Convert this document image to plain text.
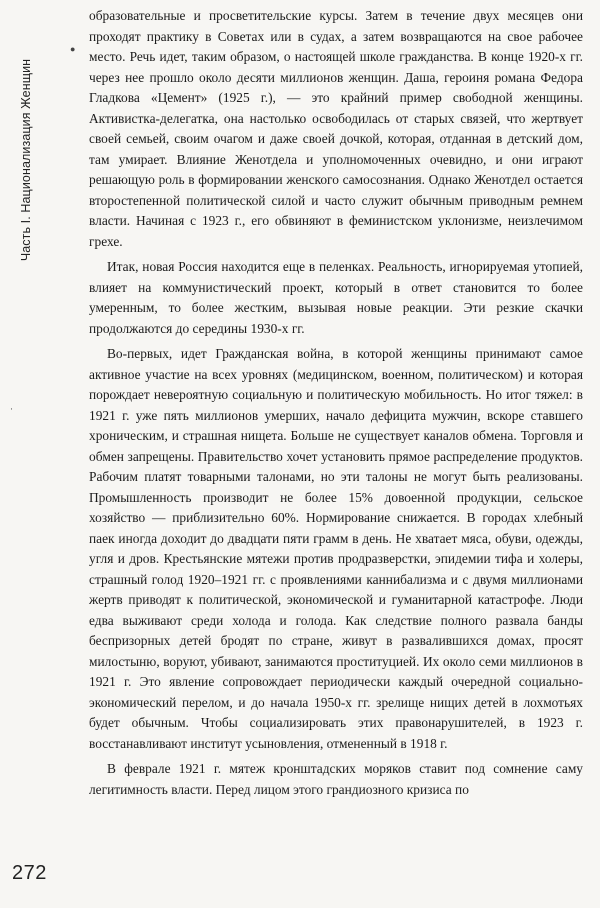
Часть I. Национализация Женщин
●
·

образовательные и просветительские курсы. Затем в течение двух месяцев они проходят практику в Советах или в судах, а затем возвращаются на свое рабочее место. Речь идет, таким образом, о настоящей школе гражданства. В конце 1920-х гг. через нее прошло около десяти миллионов женщин. Даша, героиня романа Федора Гладкова «Цемент» (1925 г.), — это крайний пример свободной женщины. Активистка-делегатка, она настолько освободилась от старых связей, что жертвует своей семьей, своим очагом и даже своей дочкой, которая, отданная в детский дом, там умирает. Влияние Женотдела и уполномоченных очевидно, и они играют решающую роль в формировании женского самосознания. Однако Женотдел остается второстепенной политической силой и часто служит обычным приводным ремнем власти. Начиная с 1923 г., его обвиняют в феминистском уклонизме, неизлечимом грехе.

Итак, новая Россия находится еще в пеленках. Реальность, игнорируемая утопией, влияет на коммунистический проект, который в ответ становится то более умеренным, то более жестким, вызывая новые реакции. Эти резкие скачки продолжаются до середины 1930-х гг.

Во-первых, идет Гражданская война, в которой женщины принимают самое активное участие на всех уровнях (медицинском, военном, политическом) и которая порождает невероятную социальную и политическую мобильность. Но итог тяжел: в 1921 г. уже пять миллионов умерших, начало дефицита мужчин, вскоре ставшего хроническим, и страшная нищета. Больше не существует каналов обмена. Торговля и обмен запрещены. Правительство хочет установить прямое распределение продуктов. Рабочим платят товарными талонами, но эти талоны не могут быть реализованы. Промышленность производит не более 15% довоенной продукции, сельское хозяйство — приблизительно 60%. Нормирование снижается. В городах хлебный паек иногда доходит до двадцати пяти грамм в день. Не хватает мяса, обуви, одежды, угля и дров. Крестьянские мятежи против продразверстки, эпидемии тифа и холеры, страшный голод 1920–1921 гг. с проявлениями каннибализма и с двумя миллионами жертв приводят к политической, экономической и гуманитарной катастрофе. Люди едва выживают среди холода и голода. Как следствие полного развала банды беспризорных детей бродят по стране, живут в развалившихся домах, просят милостыню, воруют, убивают, занимаются проституцией. Их около семи миллионов в 1921 г. Это явление сопровождает периодически каждый очередной социально-экономический перелом, и до начала 1950-х гг. зрелище нищих детей в лохмотьях будет обычным. Чтобы социализировать этих правонарушителей, в 1923 г. восстанавливают институт усыновления, отмененный в 1918 г.

В феврале 1921 г. мятеж кронштадских моряков ставит под сомнение саму легитимность власти. Перед лицом этого грандиозного кризиса по

272
